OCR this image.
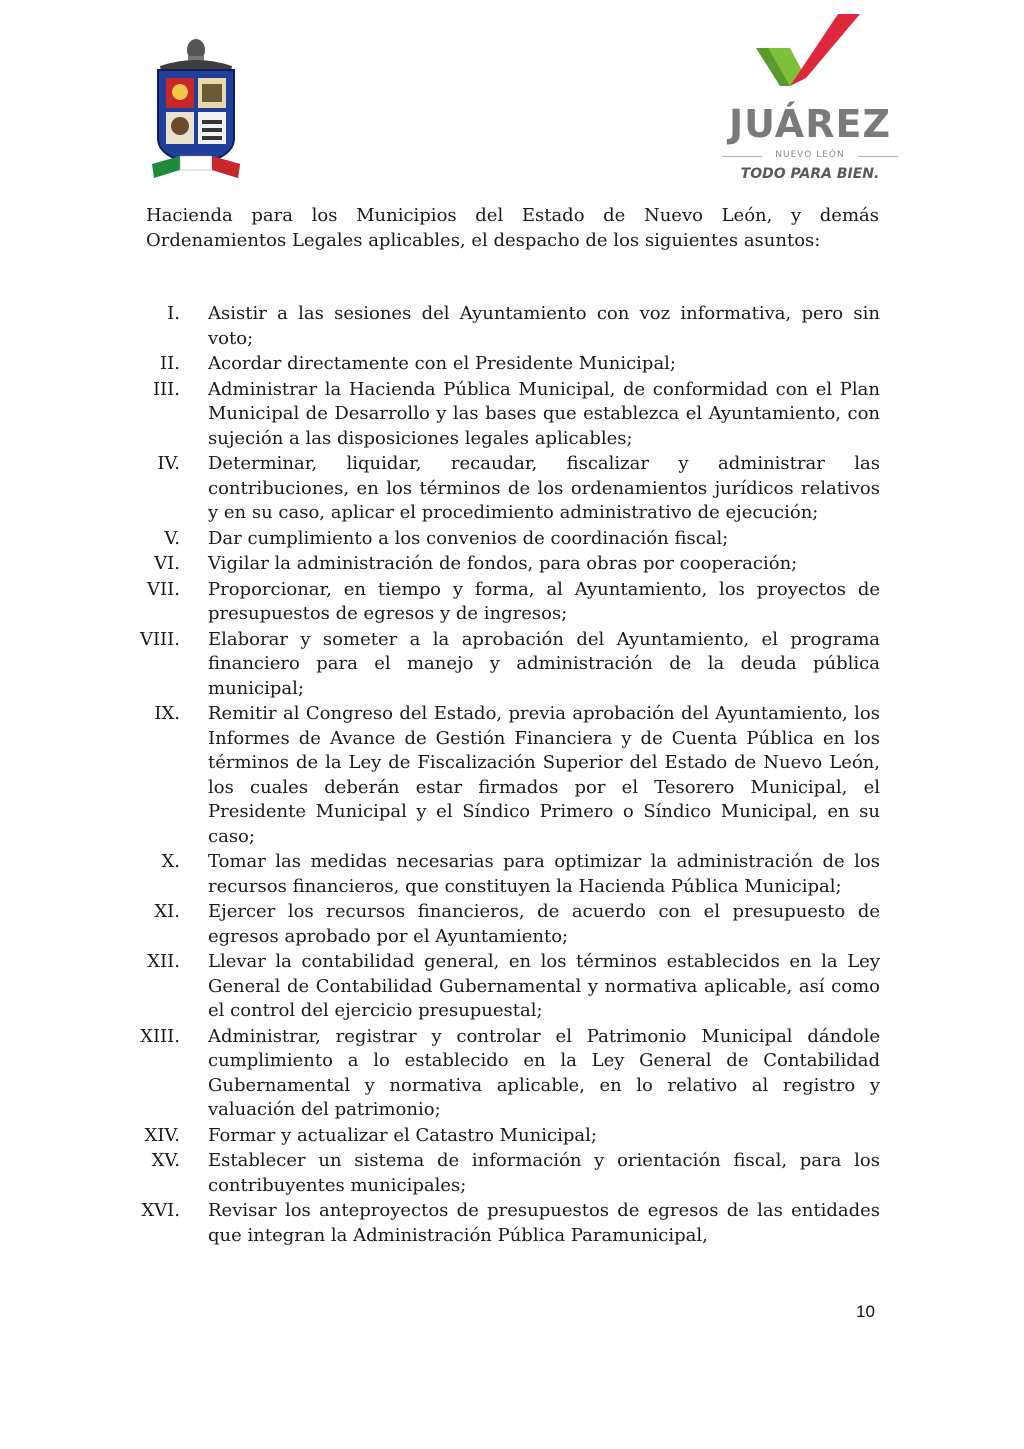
JUÁREZ
NUEVO LEÓN
TODO PARA BIEN.

Hacienda para los Municipios del Estado de Nuevo León, y demás Ordenamientos Legales aplicables, el despacho de los siguientes asuntos:

I.	Asistir a las sesiones del Ayuntamiento con voz informativa, pero sin voto;
II.	Acordar directamente con el Presidente Municipal;
III.	Administrar la Hacienda Pública Municipal, de conformidad con el Plan Municipal de Desarrollo y las bases que establezca el Ayuntamiento, con sujeción a las disposiciones legales aplicables;
IV.	Determinar, liquidar, recaudar, fiscalizar y administrar las contribuciones, en los términos de los ordenamientos jurídicos relativos y en su caso, aplicar el procedimiento administrativo de ejecución;
V.	Dar cumplimiento a los convenios de coordinación fiscal;
VI.	Vigilar la administración de fondos, para obras por cooperación;
VII.	Proporcionar, en tiempo y forma, al Ayuntamiento, los proyectos de presupuestos de egresos y de ingresos;
VIII.	Elaborar y someter a la aprobación del Ayuntamiento, el programa financiero para el manejo y administración de la deuda pública municipal;
IX.	Remitir al Congreso del Estado, previa aprobación del Ayuntamiento, los Informes de Avance de Gestión Financiera y de Cuenta Pública en los términos de la Ley de Fiscalización Superior del Estado de Nuevo León, los cuales deberán estar firmados por el Tesorero Municipal, el Presidente Municipal y el Síndico Primero o Síndico Municipal, en su caso;
X.	Tomar las medidas necesarias para optimizar la administración de los recursos financieros, que constituyen la Hacienda Pública Municipal;
XI.	Ejercer los recursos financieros, de acuerdo con el presupuesto de egresos aprobado por el Ayuntamiento;
XII.	Llevar la contabilidad general, en los términos establecidos en la Ley General de Contabilidad Gubernamental y normativa aplicable, así como el control del ejercicio presupuestal;
XIII.	Administrar, registrar y controlar el Patrimonio Municipal dándole cumplimiento a lo establecido en la Ley General de Contabilidad Gubernamental y normativa aplicable, en lo relativo al registro y valuación del patrimonio;
XIV.	Formar y actualizar el Catastro Municipal;
XV.	Establecer un sistema de información y orientación fiscal, para los contribuyentes municipales;
XVI.	Revisar los anteproyectos de presupuestos de egresos de las entidades que integran la Administración Pública Paramunicipal,
10
